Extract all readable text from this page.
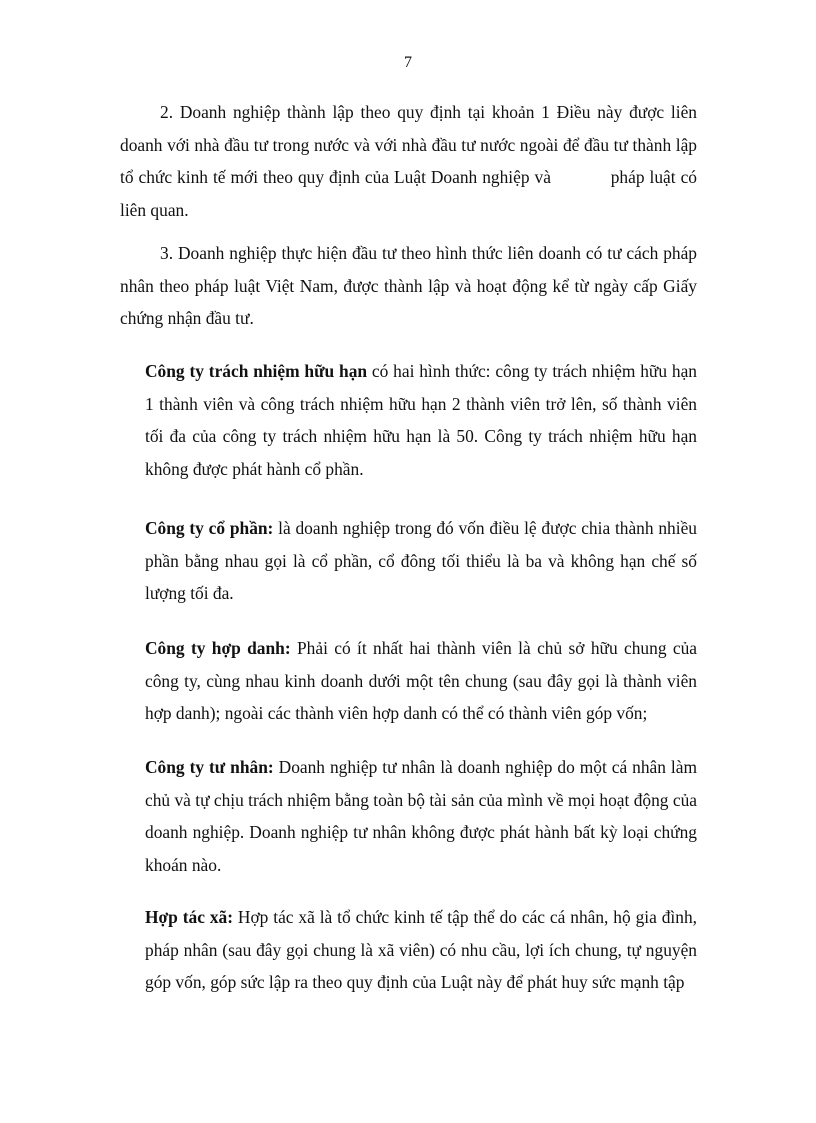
7

2. Doanh nghiệp thành lập theo quy định tại khoản 1 Điều này được liên doanh với nhà đầu tư trong nước và với nhà đầu tư nước ngoài để đầu tư thành lập tổ chức kinh tế mới theo quy định của Luật Doanh nghiệp và            pháp luật có liên quan.

3. Doanh nghiệp thực hiện đầu tư theo hình thức liên doanh có tư cách pháp nhân theo pháp luật Việt Nam, được thành lập và hoạt động kể từ ngày cấp Giấy chứng nhận đầu tư.

Công ty trách nhiệm hữu hạn có hai hình thức: công ty trách nhiệm hữu hạn 1 thành viên và công trách nhiệm hữu hạn 2 thành viên trở lên, số thành viên tối đa của công ty trách nhiệm hữu hạn là 50. Công ty trách nhiệm hữu hạn không được phát hành cổ phần.

Công ty cổ phần: là doanh nghiệp trong đó vốn điều lệ được chia thành nhiều phần bằng nhau gọi là cổ phần, cổ đông tối thiểu là ba và không hạn chế số lượng tối đa.

Công ty hợp danh: Phải có ít nhất hai thành viên là chủ sở hữu chung của công ty, cùng nhau kinh doanh dưới một tên chung (sau đây gọi là thành viên hợp danh); ngoài các thành viên hợp danh có thể có thành viên góp vốn;

Công ty tư nhân: Doanh nghiệp tư nhân là doanh nghiệp do một cá nhân làm chủ và tự chịu trách nhiệm bằng toàn bộ tài sản của mình về mọi hoạt động của doanh nghiệp. Doanh nghiệp tư nhân không được phát hành bất kỳ loại chứng khoán nào.

Hợp tác xã: Hợp tác xã là tổ chức kinh tế tập thể do các cá nhân, hộ gia đình, pháp nhân (sau đây gọi chung là xã viên) có nhu cầu, lợi ích chung, tự nguyện góp vốn, góp sức lập ra theo quy định của Luật này để phát huy sức mạnh tập
